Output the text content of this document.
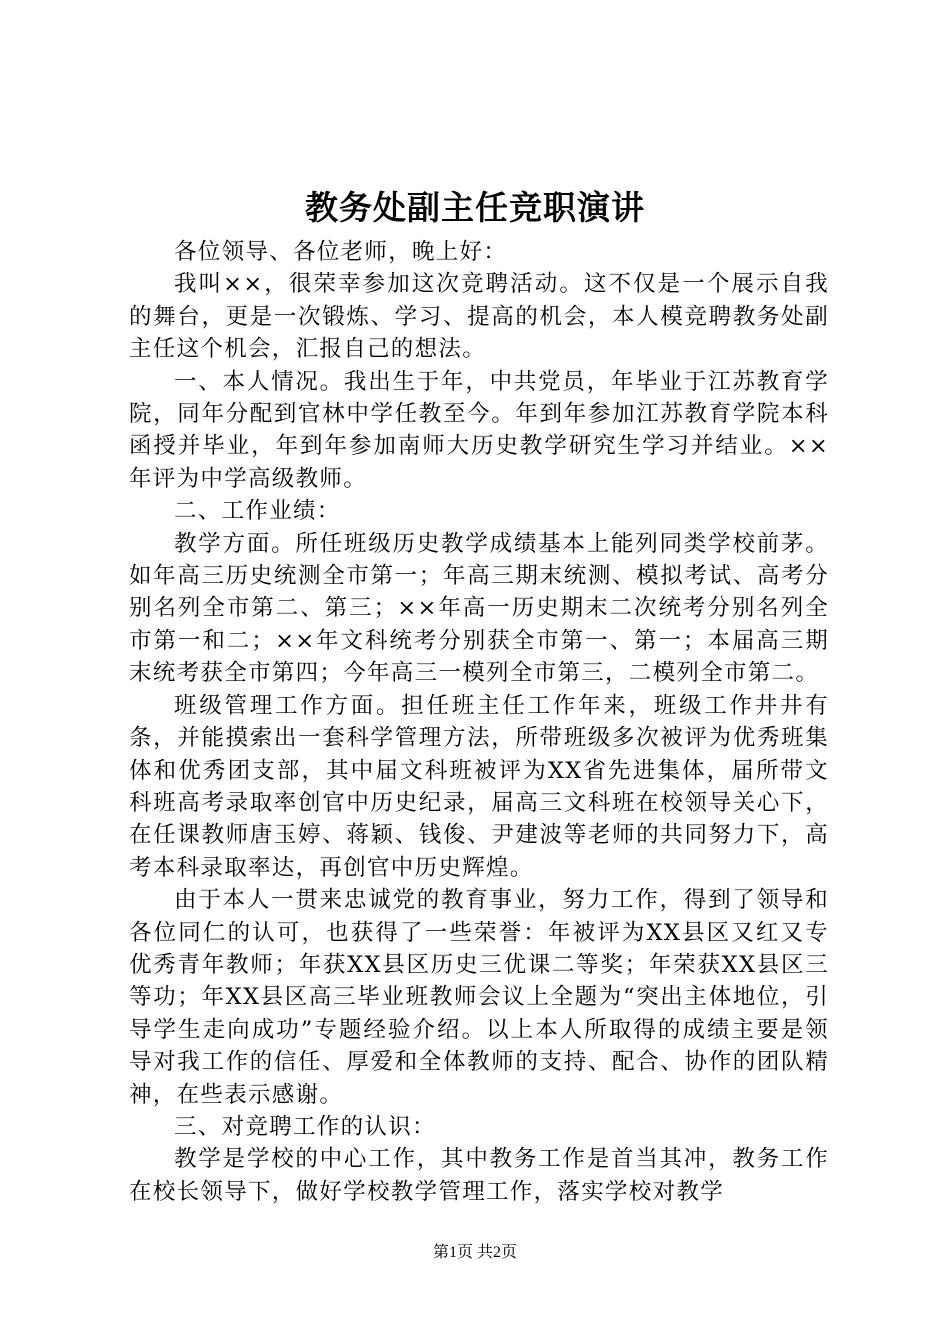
教务处副主任竞职演讲

各位领导、各位老师，晚上好：

我叫××，很荣幸参加这次竞聘活动。这不仅是一个展示自我的舞台，更是一次锻炼、学习、提高的机会，本人模竞聘教务处副主任这个机会，汇报自己的想法。

一、本人情况。我出生于年，中共党员，年毕业于江苏教育学院，同年分配到官林中学任教至今。年到年参加江苏教育学院本科函授并毕业，年到年参加南师大历史教学研究生学习并结业。××年评为中学高级教师。

二、工作业绩：

教学方面。所任班级历史教学成绩基本上能列同类学校前茅。如年高三历史统测全市第一；年高三期末统测、模拟考试、高考分别名列全市第二、第三；××年高一历史期末二次统考分别名列全市第一和二；××年文科统考分别获全市第一、第一；本届高三期末统考获全市第四；今年高三一模列全市第三，二模列全市第二。

班级管理工作方面。担任班主任工作年来，班级工作井井有条，并能摸索出一套科学管理方法，所带班级多次被评为优秀班集体和优秀团支部，其中届文科班被评为XX省先进集体，届所带文科班高考录取率创官中历史纪录，届高三文科班在校领导关心下，在任课教师唐玉婷、蒋颖、钱俊、尹建波等老师的共同努力下，高考本科录取率达，再创官中历史辉煌。

由于本人一贯来忠诚党的教育事业，努力工作，得到了领导和各位同仁的认可，也获得了一些荣誉：年被评为XX县区又红又专优秀青年教师；年获XX县区历史三优课二等奖；年荣获XX县区三等功；年XX县区高三毕业班教师会议上全题为“突出主体地位，引导学生走向成功”专题经验介绍。以上本人所取得的成绩主要是领导对我工作的信任、厚爱和全体教师的支持、配合、协作的团队精神，在些表示感谢。

三、对竞聘工作的认识：

教学是学校的中心工作，其中教务工作是首当其冲，教务工作在校长领导下，做好学校教学管理工作，落实学校对教学

第1页 共2页
